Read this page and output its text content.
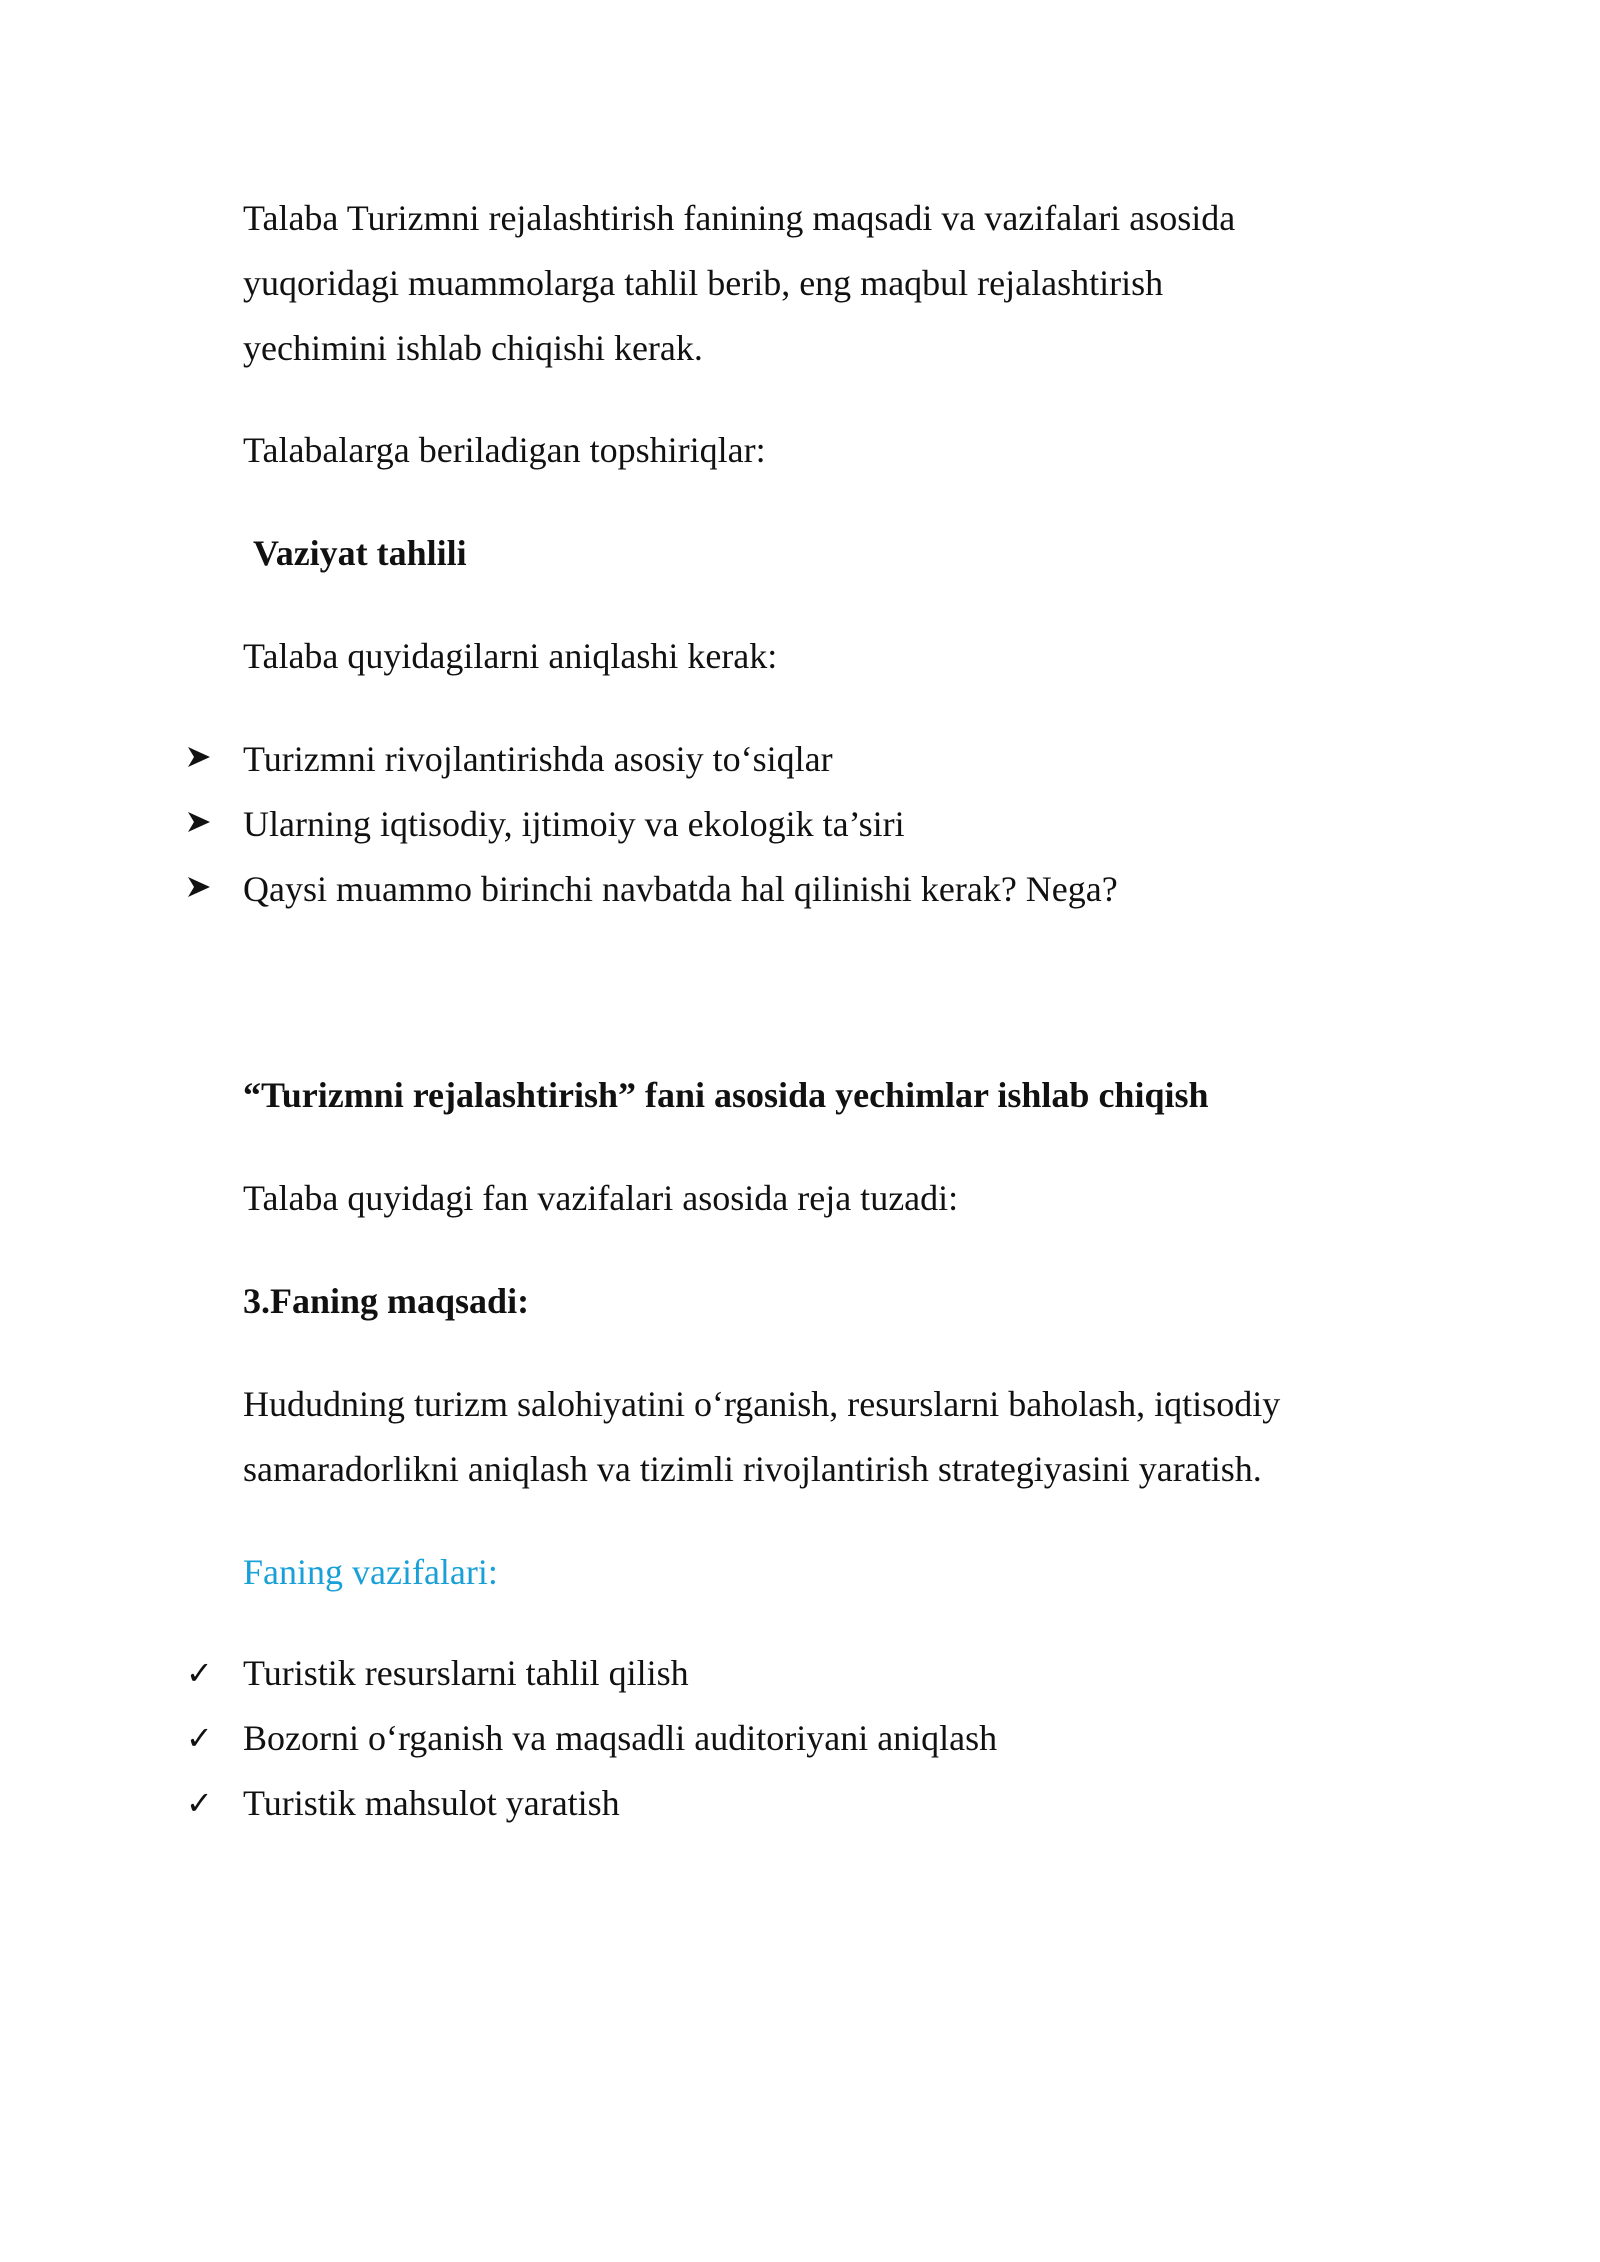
Talaba Turizmni rejalashtirish fanining maqsadi va vazifalari asosida
yuqoridagi muammolarga tahlil berib, eng maqbul rejalashtirish
yechimini ishlab chiqishi kerak.
Talabalarga beriladigan topshiriqlar:
Vaziyat tahlili
Talaba quyidagilarni aniqlashi kerak:
Turizmni rivojlantirishda asosiy to‘siqlar
Ularning iqtisodiy, ijtimoiy va ekologik ta’siri
Qaysi muammo birinchi navbatda hal qilinishi kerak? Nega?
“Turizmni rejalashtirish” fani asosida yechimlar ishlab chiqish
Talaba quyidagi fan vazifalari asosida reja tuzadi:
3.Faning maqsadi:
Hududning turizm salohiyatini o‘rganish, resurslarni baholash, iqtisodiy
samaradorlikni aniqlash va tizimli rivojlantirish strategiyasini yaratish.
Faning vazifalari:
✓ Turistik resurslarni tahlil qilish
✓ Bozorni o‘rganish va maqsadli auditoriyani aniqlash
✓ Turistik mahsulot yaratish
